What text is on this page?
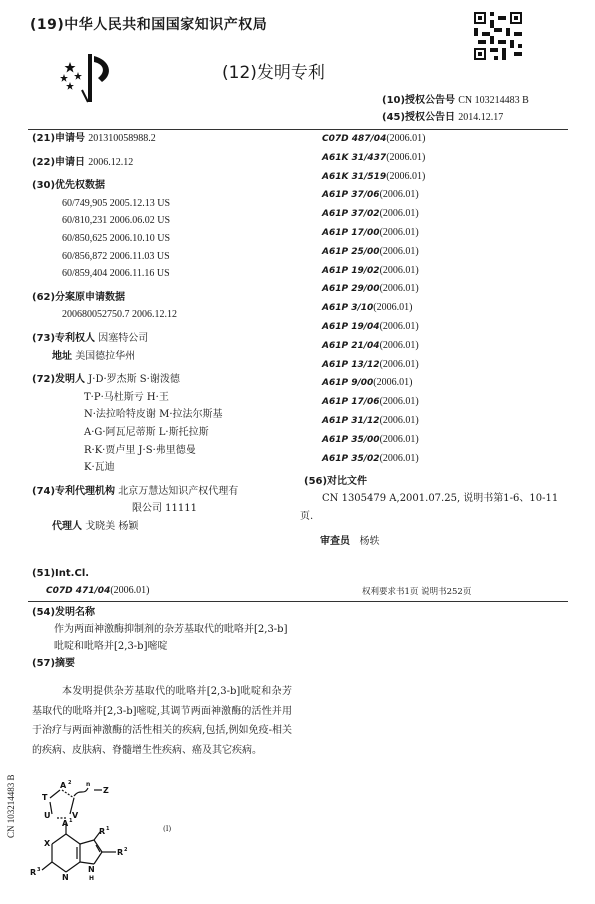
(19)中华人民共和国国家知识产权局
(12)发明专利
(10)授权公告号 CN 103214483 B
(45)授权公告日 2014.12.17
(21)申请号 201310058988.2
(22)申请日 2006.12.12
(30)优先权数据
60/749,905 2005.12.13 US
60/810,231 2006.06.02 US
60/850,625 2006.10.10 US
60/856,872 2006.11.03 US
60/859,404 2006.11.16 US
(62)分案原申请数据
200680052750.7 2006.12.12
(73)专利权人 因塞特公司
地址 美国德拉华州
(72)发明人 J·D·罗杰斯 S·谢泼德
T·P·马杜斯亏 H·王
N·法拉哈特皮谢 M·拉法尔斯基
A·G·阿瓦尼蒂斯 L·斯托拉斯
R·K·贾卢里 J·S·弗里德曼
K·瓦迪
(74)专利代理机构 北京万慧达知识产权代理有
限公司 11111
代理人 戈晓美 杨颖
C07D 487/04(2006.01)
A61K 31/437(2006.01)
A61K 31/519(2006.01)
A61P 37/06(2006.01)
A61P 37/02(2006.01)
A61P 17/00(2006.01)
A61P 25/00(2006.01)
A61P 19/02(2006.01)
A61P 29/00(2006.01)
A61P 3/10(2006.01)
A61P 19/04(2006.01)
A61P 21/04(2006.01)
A61P 13/12(2006.01)
A61P 9/00(2006.01)
A61P 17/06(2006.01)
A61P 31/12(2006.01)
A61P 35/00(2006.01)
A61P 35/02(2006.01)
(56)对比文件
CN 1305479 A,2001.07.25, 说明书第1-6、10-11页.
审查员 杨轶
(51)Int.Cl.
C07D 471/04(2006.01)	权利要求书1页 说明书252页
(54)发明名称
作为两面神激酶抑制剂的杂芳基取代的吡咯并[2,3-b]吡啶和吡咯并[2,3-b]嘧啶
(57)摘要
本发明提供杂芳基取代的吡咯并[2,3-b]吡啶和杂芳基取代的吡咯并[2,3-b]嘧啶,其调节两面神激酶的活性并用于治疗与两面神激酶的活性相关的疾病,包括,例如免疫-相关的疾病、皮肤病、脊髓增生性疾病、癌及其它疾病。
CN 103214483 B	n
Z
T
A 2
U
A 1
V
X
R 1
R 2
R 3
N
N
H
(I)
